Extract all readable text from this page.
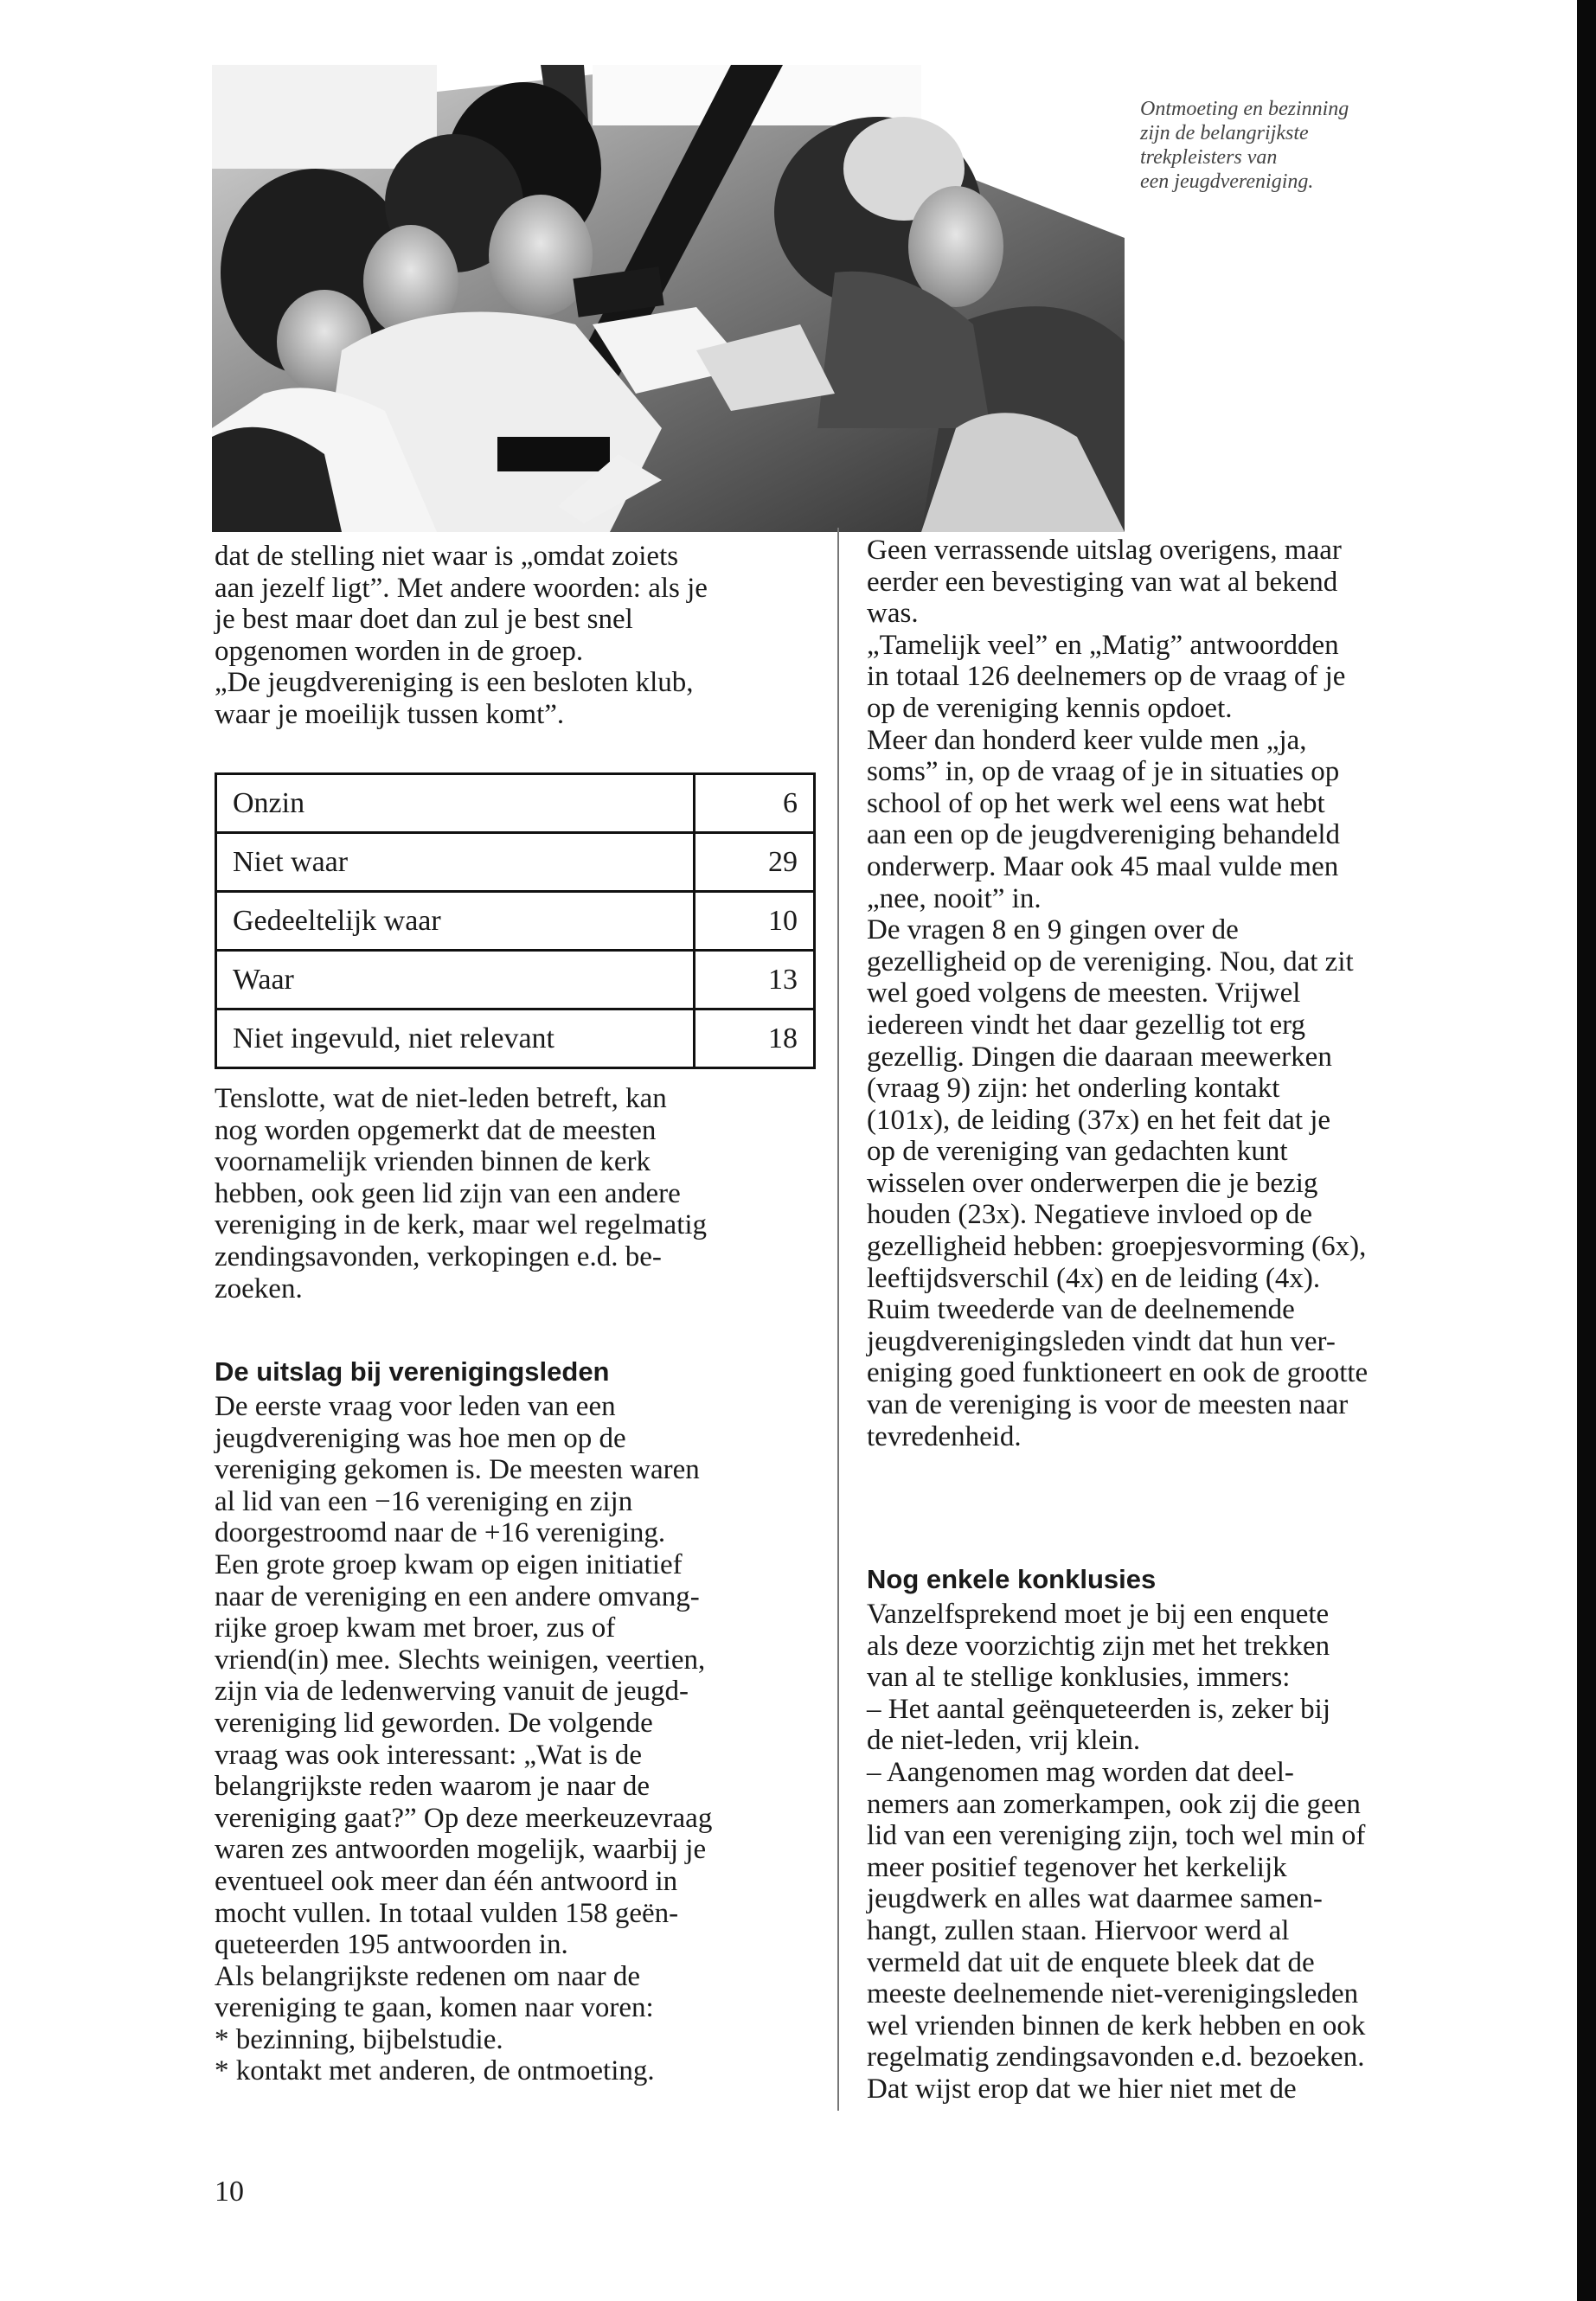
Ontmoeting en bezinning
zijn de belangrijkste
trekpleisters van
een jeugdvereniging.
dat de stelling niet waar is „omdat zoiets
aan jezelf ligt”. Met andere woorden: als je
je best maar doet dan zul je best snel
opgenomen worden in de groep.
„De jeugdvereniging is een besloten klub,
waar je moeilijk tussen komt”.
Onzin	6
Niet waar	29
Gedeeltelijk waar	10
Waar	13
Niet ingevuld, niet relevant	18
Tenslotte, wat de niet-leden betreft, kan
nog worden opgemerkt dat de meesten
voornamelijk vrienden binnen de kerk
hebben, ook geen lid zijn van een andere
vereniging in de kerk, maar wel regelmatig
zendingsavonden, verkopingen e.d. be-
zoeken.
De uitslag bij verenigingsleden
De eerste vraag voor leden van een
jeugdvereniging was hoe men op de
vereniging gekomen is. De meesten waren
al lid van een −16 vereniging en zijn
doorgestroomd naar de +16 vereniging.
Een grote groep kwam op eigen initiatief
naar de vereniging en een andere omvang-
rijke groep kwam met broer, zus of
vriend(in) mee. Slechts weinigen, veertien,
zijn via de ledenwerving vanuit de jeugd-
vereniging lid geworden. De volgende
vraag was ook interessant: „Wat is de
belangrijkste reden waarom je naar de
vereniging gaat?” Op deze meerkeuzevraag
waren zes antwoorden mogelijk, waarbij je
eventueel ook meer dan één antwoord in
mocht vullen. In totaal vulden 158 geën-
queteerden 195 antwoorden in.
Als belangrijkste redenen om naar de
vereniging te gaan, komen naar voren:
* bezinning, bijbelstudie.
* kontakt met anderen, de ontmoeting.
Geen verrassende uitslag overigens, maar
eerder een bevestiging van wat al bekend
was.
„Tamelijk veel” en „Matig” antwoordden
in totaal 126 deelnemers op de vraag of je
op de vereniging kennis opdoet.
Meer dan honderd keer vulde men „ja,
soms” in, op de vraag of je in situaties op
school of op het werk wel eens wat hebt
aan een op de jeugdvereniging behandeld
onderwerp. Maar ook 45 maal vulde men
„nee, nooit” in.
De vragen 8 en 9 gingen over de
gezelligheid op de vereniging. Nou, dat zit
wel goed volgens de meesten. Vrijwel
iedereen vindt het daar gezellig tot erg
gezellig. Dingen die daaraan meewerken
(vraag 9) zijn: het onderling kontakt
(101x), de leiding (37x) en het feit dat je
op de vereniging van gedachten kunt
wisselen over onderwerpen die je bezig
houden (23x). Negatieve invloed op de
gezelligheid hebben: groepjesvorming (6x),
leeftijdsverschil (4x) en de leiding (4x).
Ruim tweederde van de deelnemende
jeugdverenigingsleden vindt dat hun ver-
eniging goed funktioneert en ook de grootte
van de vereniging is voor de meesten naar
tevredenheid.
Nog enkele konklusies
Vanzelfsprekend moet je bij een enquete
als deze voorzichtig zijn met het trekken
van al te stellige konklusies, immers:
– Het aantal geënqueteerden is, zeker bij
de niet-leden, vrij klein.
– Aangenomen mag worden dat deel-
nemers aan zomerkampen, ook zij die geen
lid van een vereniging zijn, toch wel min of
meer positief tegenover het kerkelijk
jeugdwerk en alles wat daarmee samen-
hangt, zullen staan. Hiervoor werd al
vermeld dat uit de enquete bleek dat de
meeste deelnemende niet-verenigingsleden
wel vrienden binnen de kerk hebben en ook
regelmatig zendingsavonden e.d. bezoeken.
Dat wijst erop dat we hier niet met de
10
